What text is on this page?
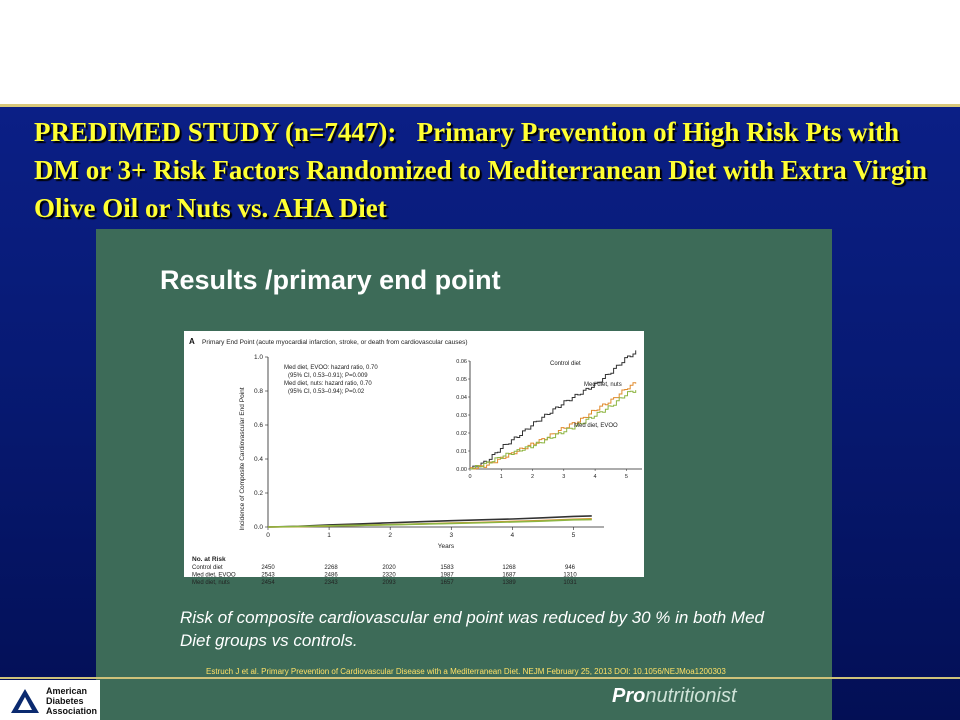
PREDIMED STUDY (n=7447):   Primary Prevention of High Risk Pts with DM or 3+ Risk Factors Randomized to Mediterranean Diet with Extra Virgin Olive Oil or Nuts vs. AHA Diet
Results /primary end point
A Primary End Point (acute myocardial infarction, stroke, or death from cardiovascular causes)
Incidence of Composite Cardiovascular End Point
Years
0.0
0.2
0.4
0.6
0.8
1.0
0	1	2	3	4	5
Med diet, EVOO: hazard ratio, 0.70 (95% CI, 0.53–0.91); P=0.009 Med diet, nuts: hazard ratio, 0.70 (95% CI, 0.53–0.94); P=0.02
0.00
0.01
0.02
0.03
0.04
0.05
0.06
0	1	2	3	4	5
Control diet
Med diet, nuts
Med diet, EVOO
No. at Risk
Control diet	2450	2268	2020	1583	1268	946
Med diet, EVOO	2543	2486	2320	1987	1687	1310
Med diet, nuts	2454	2343	2093	1657	1389	1031

Risk of composite cardiovascular end point was reduced by 30 % in both Med Diet groups vs controls.

Estruch J et al. Primary Prevention of Cardiovascular Disease with a Mediterranean Diet. NEJM February 25, 2013 DOI: 10.1056/NEJMoa1200303
Pronutritionist
American
Diabetes
Association
